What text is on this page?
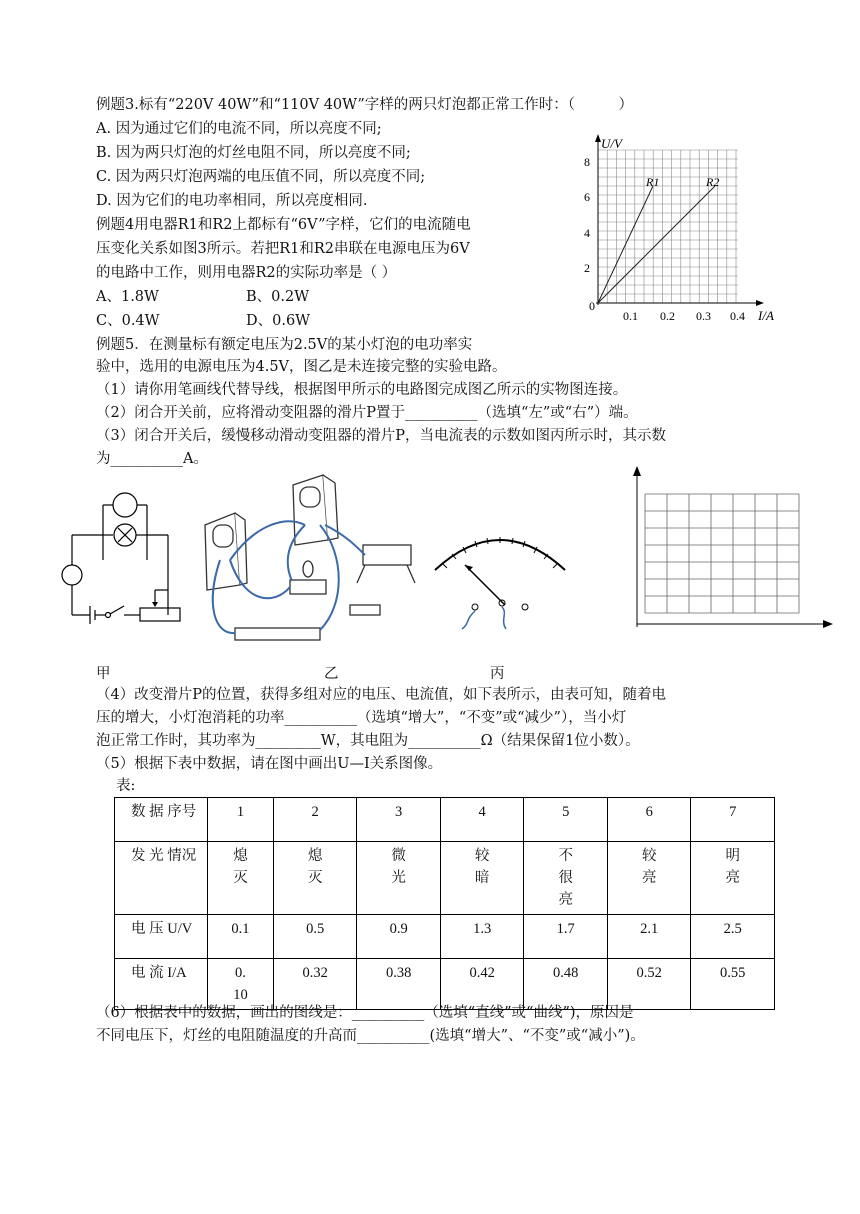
例题3.标有“220V 40W”和“110V 40W”字样的两只灯泡都正常工作时：（　　　）
A. 因为通过它们的电流不同，所以亮度不同;
B. 因为两只灯泡的灯丝电阻不同，所以亮度不同;
C. 因为两只灯泡两端的电压值不同，所以亮度不同;
D. 因为它们的电功率相同，所以亮度相同.
例题4用电器R1和R2上都标有“6V”字样，它们的电流随电
压变化关系如图3所示。若把R1和R2串联在电源电压为6V
的电路中工作，则用电器R2的实际功率是（ ）
A、1.8W	B、0.2W
C、0.4W	D、0.6W
U/V
I/A
2
4
6
8
0
0.1 0.2 0.3 0.4
R1	R2
例题5．在测量标有额定电压为2.5V的某小灯泡的电功率实
验中，选用的电源电压为4.5V，图乙是未连接完整的实验电路。
（1）请你用笔画线代替导线，根据图甲所示的电路图完成图乙所示的实物图连接。
（2）闭合开关前，应将滑动变阻器的滑片P置于__________（选填“左”或“右”）端。
（3）闭合开关后，缓慢移动滑动变阻器的滑片P，当电流表的示数如图丙所示时，其示数
为__________A。
甲	乙	丙
（4）改变滑片P的位置，获得多组对应的电压、电流值，如下表所示，由表可知，随着电
压的增大，小灯泡消耗的功率__________（选填“增大”，“不变”或“减少”），当小灯
泡正常工作时，其功率为_________W，其电阻为__________Ω（结果保留1位小数）。
（5）根据下表中数据，请在图中画出U—I关系图像。
表:
数 据 序号	1	2	3	4	5	6	7
发 光 情况	熄灭	熄灭	微光	较暗	不很亮	较亮	明亮
电 压 U/V	0.1	0.5	0.9	1.3	1.7	2.1	2.5
电 流 I/A	0.10	0.32	0.38	0.42	0.48	0.52	0.55
（6）根据表中的数据，画出的图线是：__________（选填“直线”或“曲线”)，原因是
不同电压下，灯丝的电阻随温度的升高而__________(选填“增大”、“不变”或“减小”)。
